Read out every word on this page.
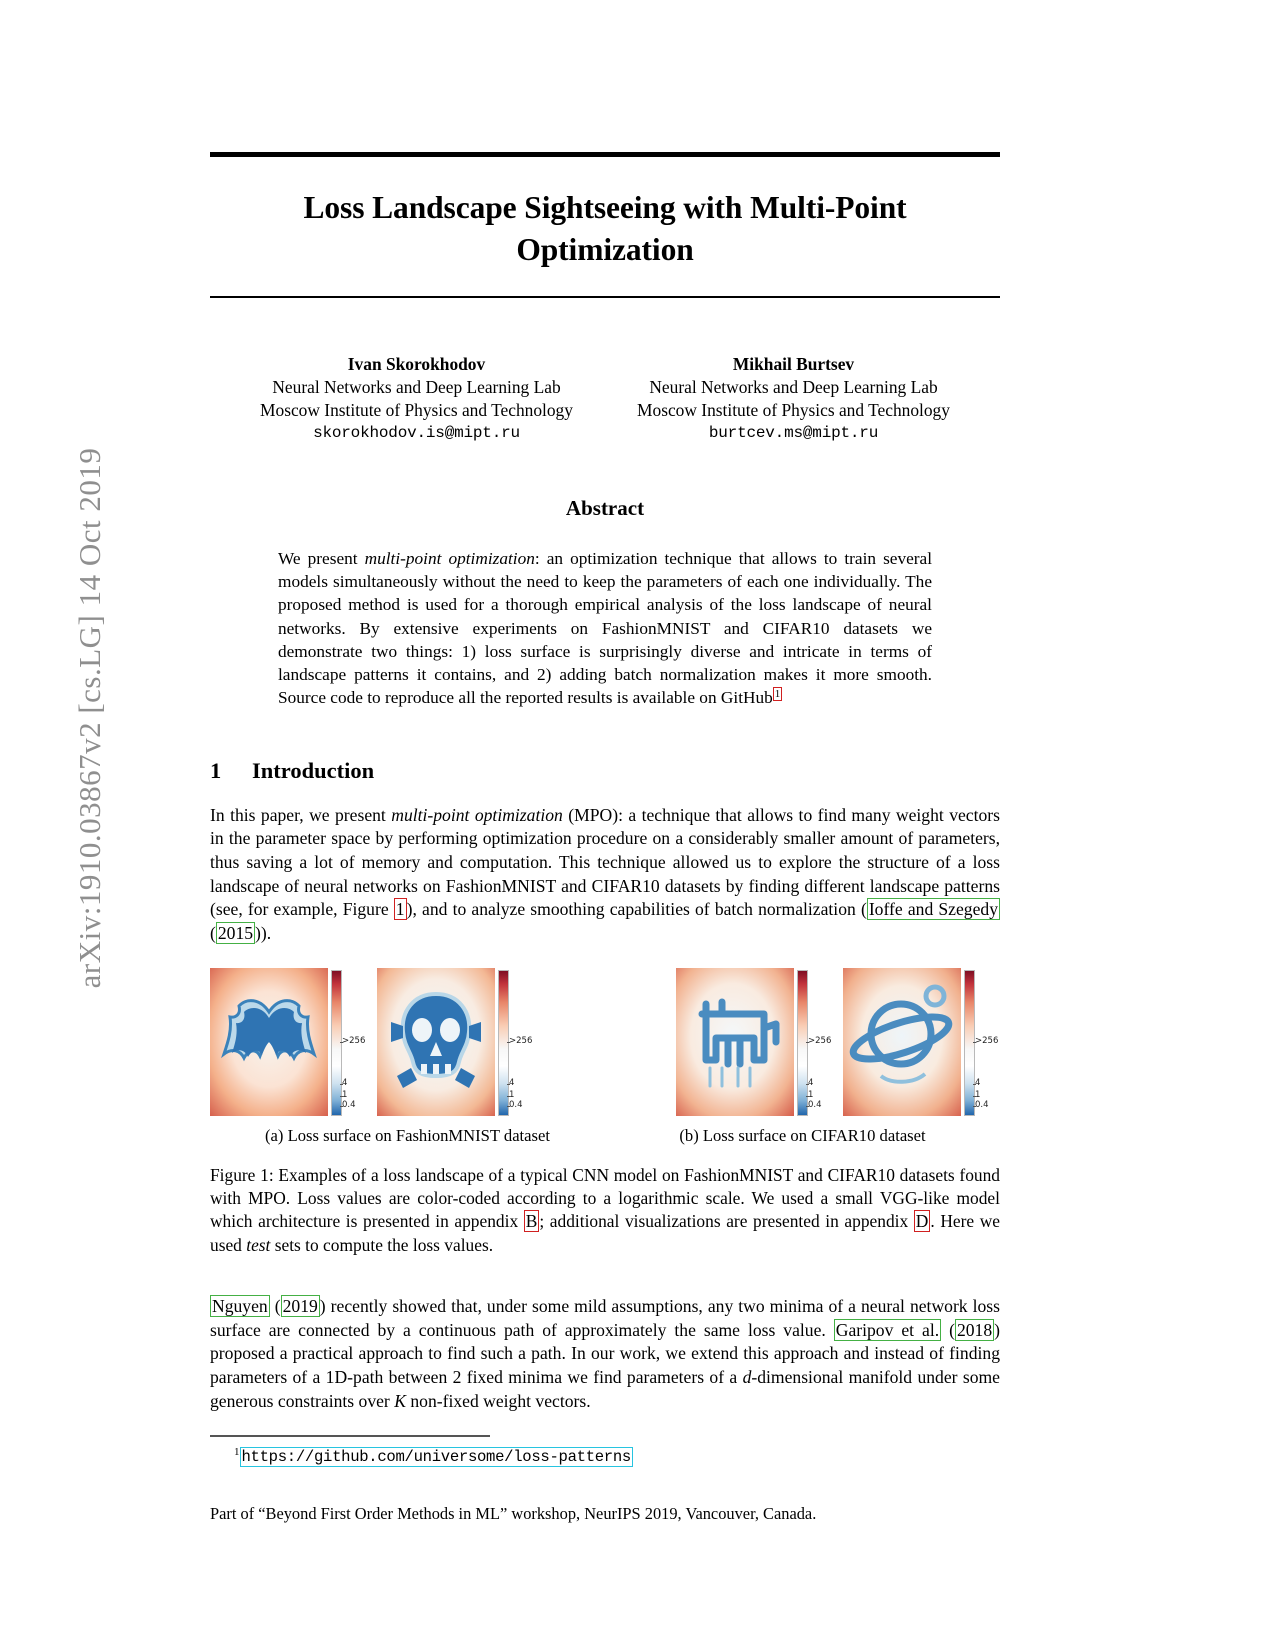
arXiv:1910.03867v2 [cs.LG] 14 Oct 2019
Loss Landscape Sightseeing with Multi-Point Optimization
Ivan Skorokhodov
Neural Networks and Deep Learning Lab
Moscow Institute of Physics and Technology
skorokhodov.is@mipt.ru
Mikhail Burtsev
Neural Networks and Deep Learning Lab
Moscow Institute of Physics and Technology
burtcev.ms@mipt.ru
Abstract
We present multi-point optimization: an optimization technique that allows to train several models simultaneously without the need to keep the parameters of each one individually. The proposed method is used for a thorough empirical analysis of the loss landscape of neural networks. By extensive experiments on FashionMNIST and CIFAR10 datasets we demonstrate two things: 1) loss surface is surprisingly diverse and intricate in terms of landscape patterns it contains, and 2) adding batch normalization makes it more smooth. Source code to reproduce all the reported results is available on GitHub $^1$
1 Introduction
In this paper, we present multi-point optimization (MPO): a technique that allows to find many weight vectors in the parameter space by performing optimization procedure on a considerably smaller amount of parameters, thus saving a lot of memory and computation. This technique allowed us to explore the structure of a loss landscape of neural networks on FashionMNIST and CIFAR10 datasets by finding different landscape patterns (see, for example, Figure 1 ), and to analyze smoothing capabilities of batch normalization ( Ioffe and Szegedy ( 2015 )).
>256
4
1
0.4
>256
4
1
0.4
>256
4
1
0.4
>256
4
1
0.4
(a) Loss surface on FashionMNIST dataset	(b) Loss surface on CIFAR10 dataset
Figure 1: Examples of a loss landscape of a typical CNN model on FashionMNIST and CIFAR10 datasets found with MPO. Loss values are color-coded according to a logarithmic scale. We used a small VGG-like model which architecture is presented in appendix B ; additional visualizations are presented in appendix D . Here we used test sets to compute the loss values.
Nguyen ( 2019 ) recently showed that, under some mild assumptions, any two minima of a neural network loss surface are connected by a continuous path of approximately the same loss value. Garipov et al. ( 2018 ) proposed a practical approach to find such a path. In our work, we extend this approach and instead of finding parameters of a 1D-path between 2 fixed minima we find parameters of a d-dimensional manifold under some generous constraints over K non-fixed weight vectors.
$^1$ https://github.com/universome/loss-patterns
Part of “Beyond First Order Methods in ML” workshop, NeurIPS 2019, Vancouver, Canada.
